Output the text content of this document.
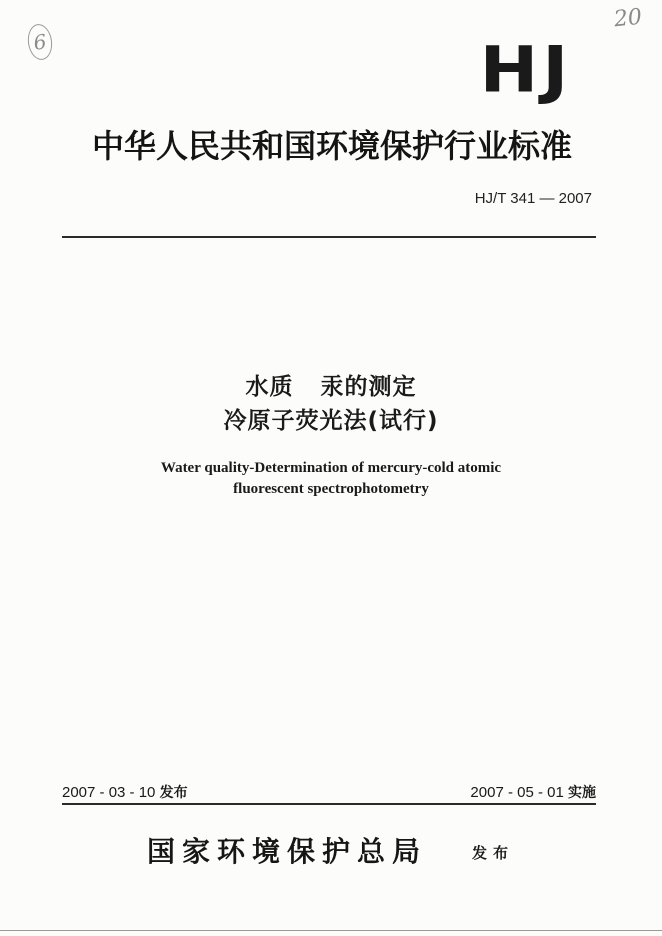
6
20
HJ
中华人民共和国环境保护行业标准
HJ/T 341 — 2007
水质   汞的测定
冷原子荧光法(试行)
Water quality-Determination of mercury-cold atomic
fluorescent spectrophotometry
2007 - 03 - 10 发布	2007 - 05 - 01 实施
国家环境保护总局	发布
